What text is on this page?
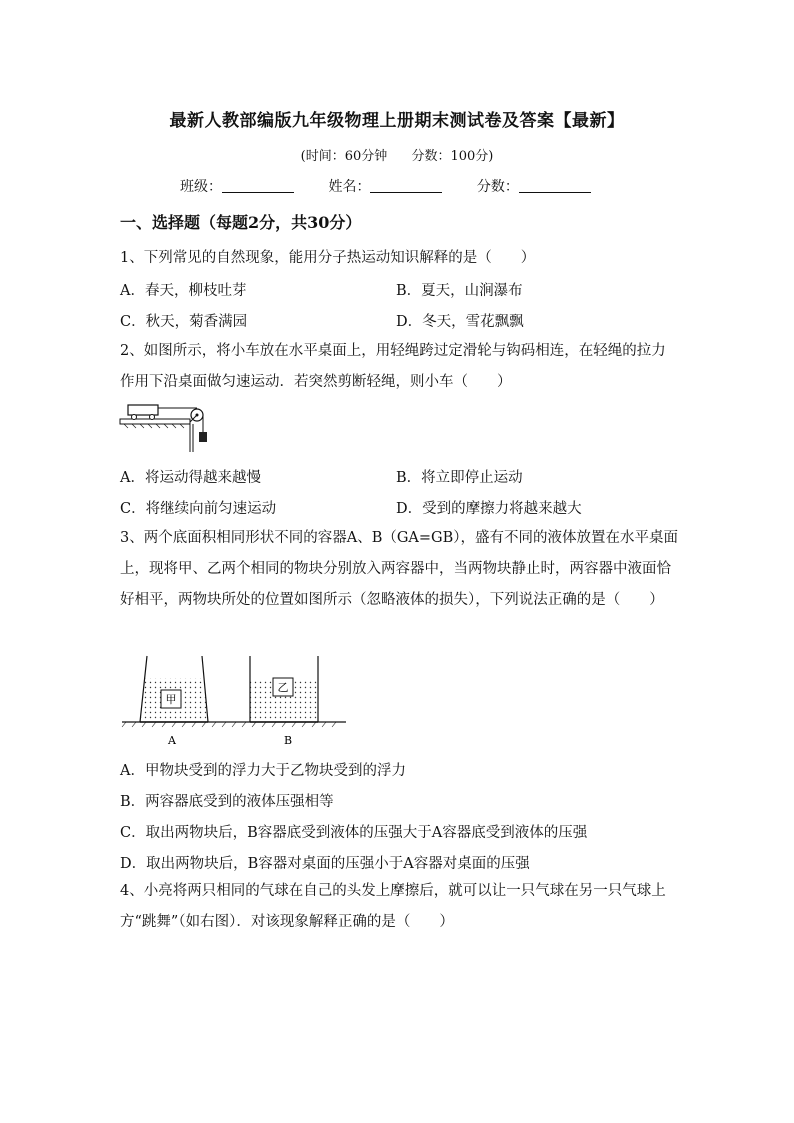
最新人教部编版九年级物理上册期末测试卷及答案【最新】
(时间：60分钟 分数：100分)
班级：	姓名：	分数：
一、选择题（每题2分，共30分）
1、下列常见的自然现象，能用分子热运动知识解释的是（　　）
A．春天，柳枝吐芽	B．夏天，山涧瀑布
C．秋天，菊香满园	D．冬天，雪花飘飘
2、如图所示，将小车放在水平桌面上，用轻绳跨过定滑轮与钩码相连，在轻绳的拉力作用下沿桌面做匀速运动．若突然剪断轻绳，则小车（　　）
A．将运动得越来越慢	B．将立即停止运动
C．将继续向前匀速运动	D．受到的摩擦力将越来越大
3、两个底面积相同形状不同的容器A、B（GA=GB），盛有不同的液体放置在水平桌面上，现将甲、乙两个相同的物块分别放入两容器中，当两物块静止时，两容器中液面恰好相平，两物块所处的位置如图所示（忽略液体的损失），下列说法正确的是（　　）
甲
乙
A	B
A．甲物块受到的浮力大于乙物块受到的浮力
B．两容器底受到的液体压强相等
C．取出两物块后，B容器底受到液体的压强大于A容器底受到液体的压强
D．取出两物块后，B容器对桌面的压强小于A容器对桌面的压强
4、小亮将两只相同的气球在自己的头发上摩擦后，就可以让一只气球在另一只气球上方“跳舞”（如右图）．对该现象解释正确的是（　　）
